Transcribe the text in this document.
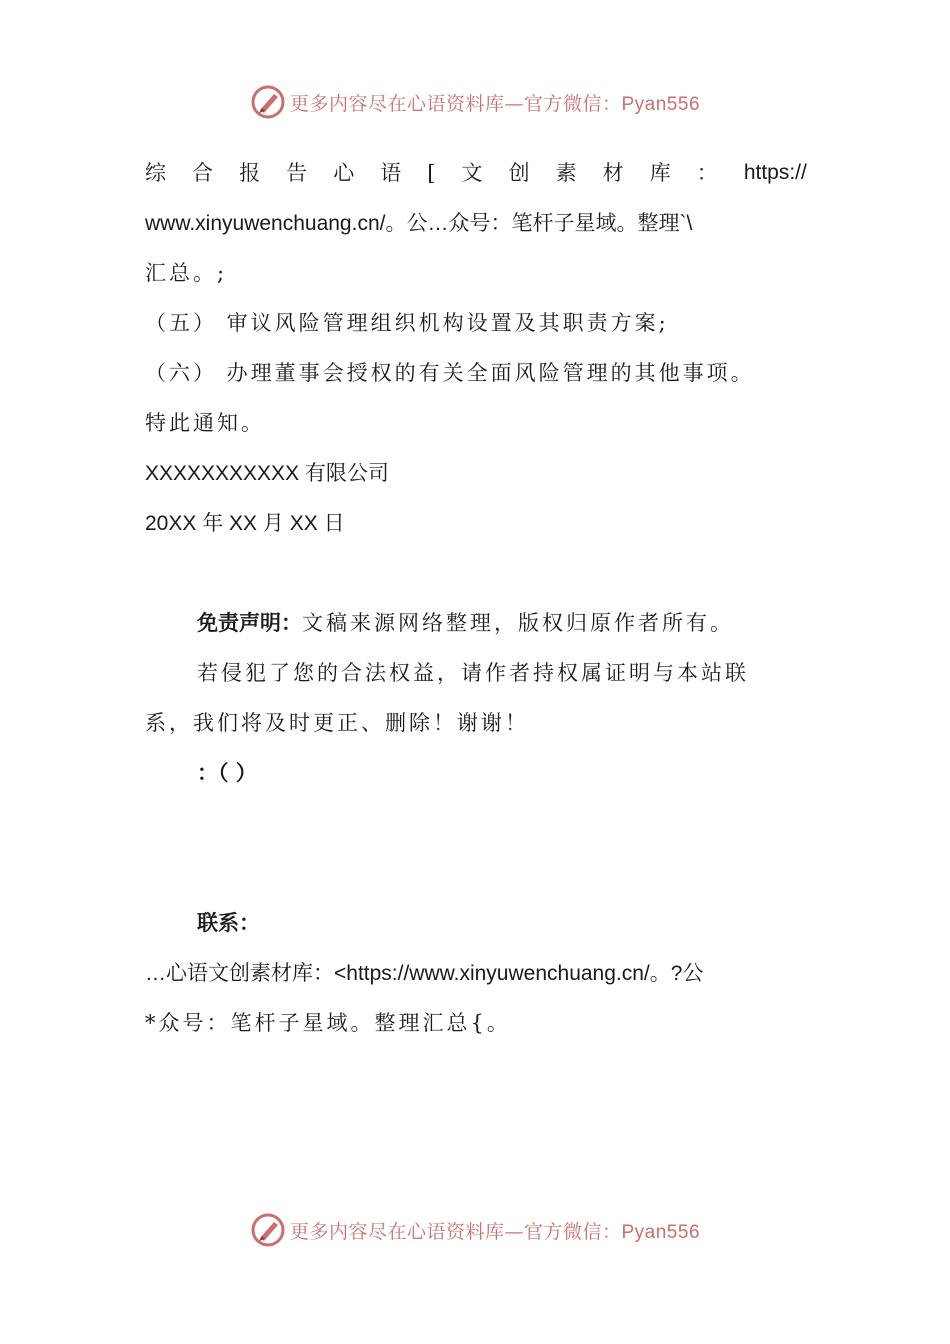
更多内容尽在心语资料库—官方微信：Pyan556
综 合 报 告 心 语 [ 文 创 素 材 库 ： https://
www.xinyuwenchuang.cn/。公…众号：笔杆子星域。整理`\
汇总。;
（五） 审议风险管理组织机构设置及其职责方案;
（六） 办理董事会授权的有关全面风险管理的其他事项。
特此通知。
XXXXXXXXXXX 有限公司
20XX 年 XX 月 XX 日
免责声明：文稿来源网络整理，版权归原作者所有。
若侵犯了您的合法权益，请作者持权属证明与本站联
系，我们将及时更正、删除！谢谢！
：（ ）
联系：
…心语文创素材库：<https://www.xinyuwenchuang.cn/。?公
*众号：笔杆子星域。整理汇总{。
更多内容尽在心语资料库—官方微信：Pyan556
